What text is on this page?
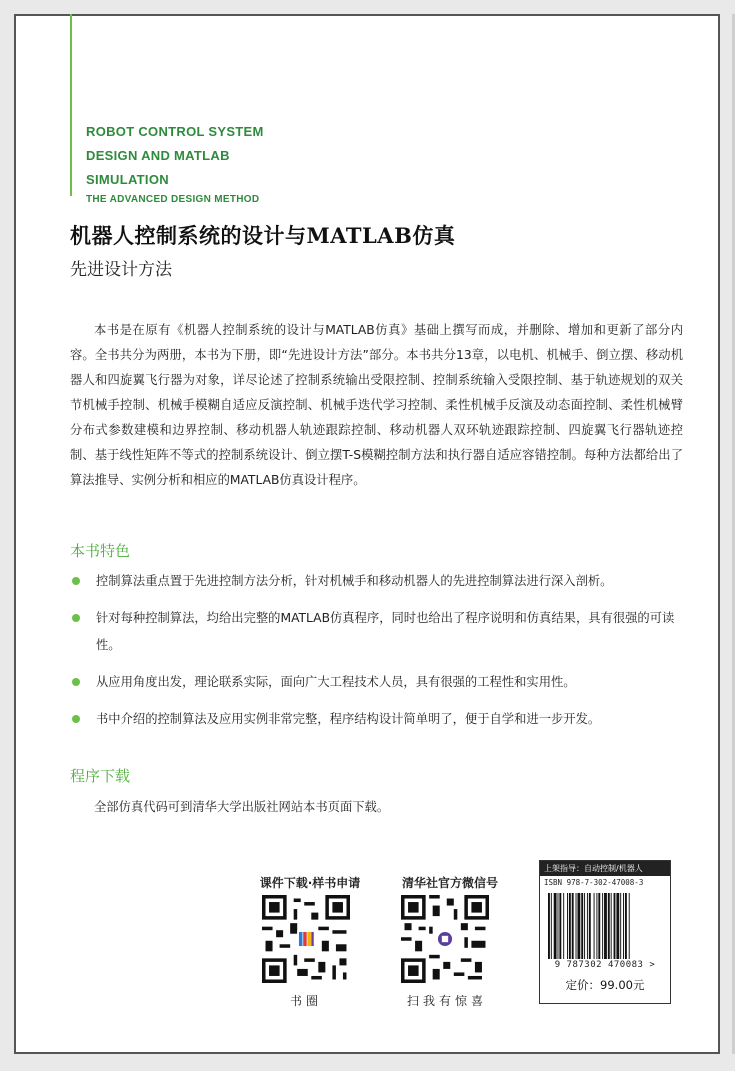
ROBOT CONTROL SYSTEM
DESIGN AND MATLAB
SIMULATION
THE ADVANCED DESIGN METHOD
机器人控制系统的设计与MATLAB仿真
先进设计方法
本书是在原有《机器人控制系统的设计与MATLAB仿真》基础上撰写而成，并删除、增加和更新了部分内容。全书共分为两册，本书为下册，即“先进设计方法”部分。本书共分13章，以电机、机械手、倒立摆、移动机器人和四旋翼飞行器为对象，详尽论述了控制系统输出受限控制、控制系统输入受限控制、基于轨迹规划的双关节机械手控制、机械手模糊自适应反演控制、机械手迭代学习控制、柔性机械手反演及动态面控制、柔性机械臂分布式参数建模和边界控制、移动机器人轨迹跟踪控制、移动机器人双环轨迹跟踪控制、四旋翼飞行器轨迹控制、基于线性矩阵不等式的控制系统设计、倒立摆T-S模糊控制方法和执行器自适应容错控制。每种方法都给出了算法推导、实例分析和相应的MATLAB仿真设计程序。
本书特色
控制算法重点置于先进控制方法分析，针对机械手和移动机器人的先进控制算法进行深入剖析。
针对每种控制算法，均给出完整的MATLAB仿真程序，同时也给出了程序说明和仿真结果，具有很强的可读性。
从应用角度出发，理论联系实际，面向广大工程技术人员，具有很强的工程性和实用性。
书中介绍的控制算法及应用实例非常完整，程序结构设计简单明了，便于自学和进一步开发。
程序下载
全部仿真代码可到清华大学出版社网站本书页面下载。
课件下载·样书申请
书圈
清华社官方微信号
扫我有惊喜
上架指导：自动控制/机器人
ISBN 978-7-302-47008-3
9 787302 470083 >
定价：99.00元
